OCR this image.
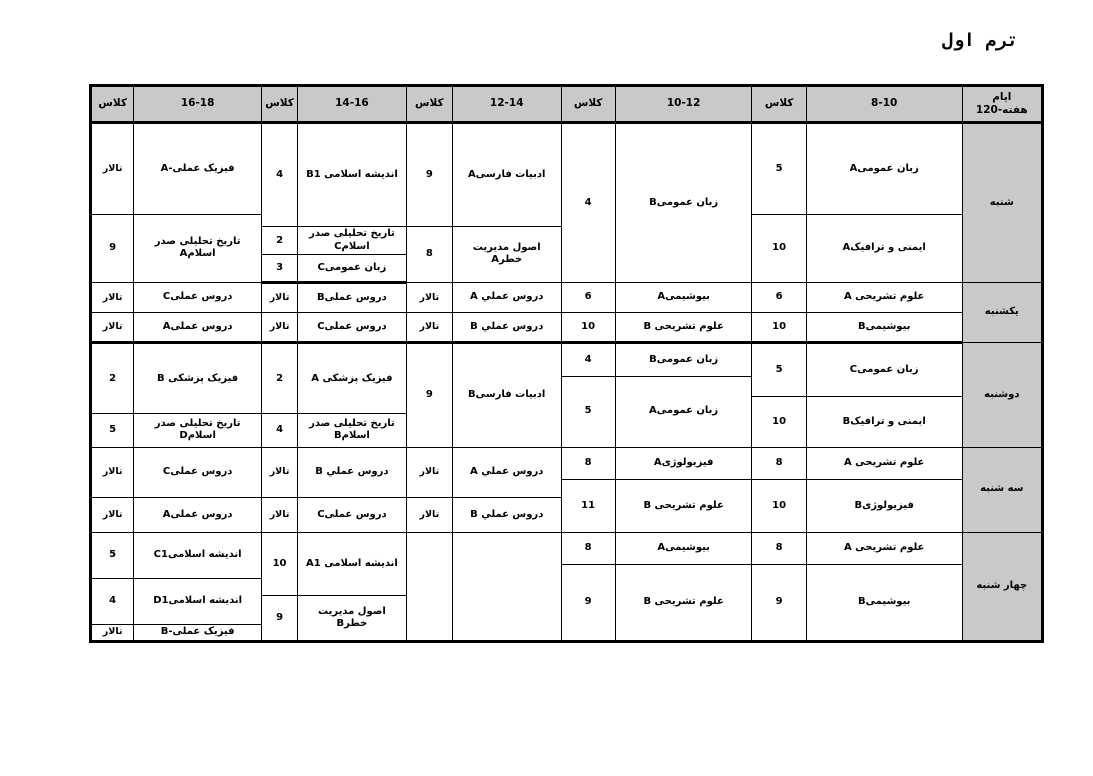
ترم اول
ایام
هفته-120	8-10	کلاس	10-12	کلاس	12-14	کلاس	14-16	کلاس	16-18	کلاس
شنبه	زبان عمومیA	5	زبان عمومیB	4	ادبیات فارسیA	9	اندیشه اسلامی B1	4	فیزیک عملی-A	تالار

	ایمنی و ترافیکA	10							تاریخ تحلیلی صدر اسلامA	9
					اصول مدیریت خطرA	8	تاریخ تحلیلی صدر اسلامC	2		
							زبان عمومیC	3		
یکشنبه	علوم تشریحی A	6	بیوشیمیA	6	دروس عملي A	تالار	دروس عملیB	تالار	دروس عملیC	تالار
	بیوشیمیB	10	علوم تشریحی B	10	دروس عملي B	تالار	دروس عملیC	تالار	دروس عملیA	تالار
دوشنبه	زبان عمومیC	5	زبان عمومیB	4	ادبیات فارسیB	9	فیزیک پزشکی A	2	فیزیک پزشکی B	2
			زبان عمومیA	5						
	ایمنی و ترافیکB	10								
							تاریخ تحلیلی صدر اسلامB	4	تاریخ تحلیلی صدر اسلامD	5

سه شنبه	علوم تشریحی A	8	فیزیولوژیA	8	دروس عملي A	تالار	دروس عملي B	تالار	دروس عملیC	تالار
	فیزیولوژیB	10	علوم تشریحی B	11						
					دروس عملي B	تالار	دروس عملیC	تالار	دروس عملیA	تالار

چهار شنبه	علوم تشریحی A	8	بیوشیمیA	8			اندیشه اسلامی A1	10	اندیشه اسلامیC1	5
	بیوشیمیB	9	علوم تشریحی B	9						
									اندیشه اسلامیD1	4
							اصول مدیریت خطرB	9		
									فیزیک عملی-B	تالار
